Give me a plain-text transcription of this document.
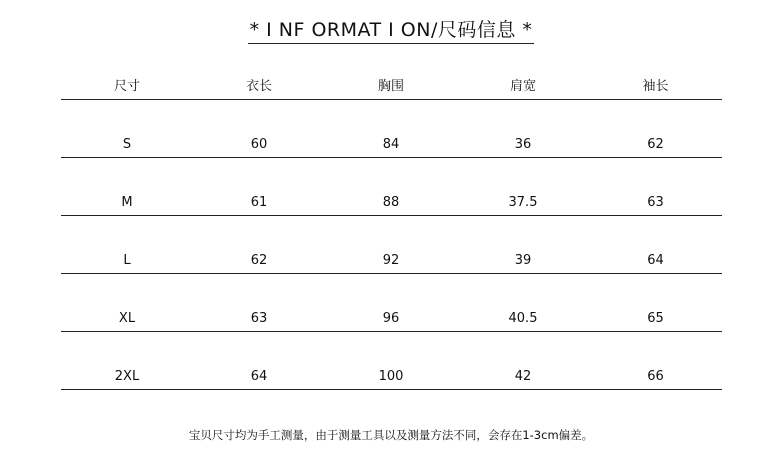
* I NF ORMAT I ON/尺码信息 *
尺寸	衣长	胸围	肩宽	袖长
S	60	84	36	62
M	61	88	37.5	63
L	62	92	39	64
XL	63	96	40.5	65
2XL	64	100	42	66
宝贝尺寸均为手工测量，由于测量工具以及测量方法不同，会存在1-3cm偏差。
